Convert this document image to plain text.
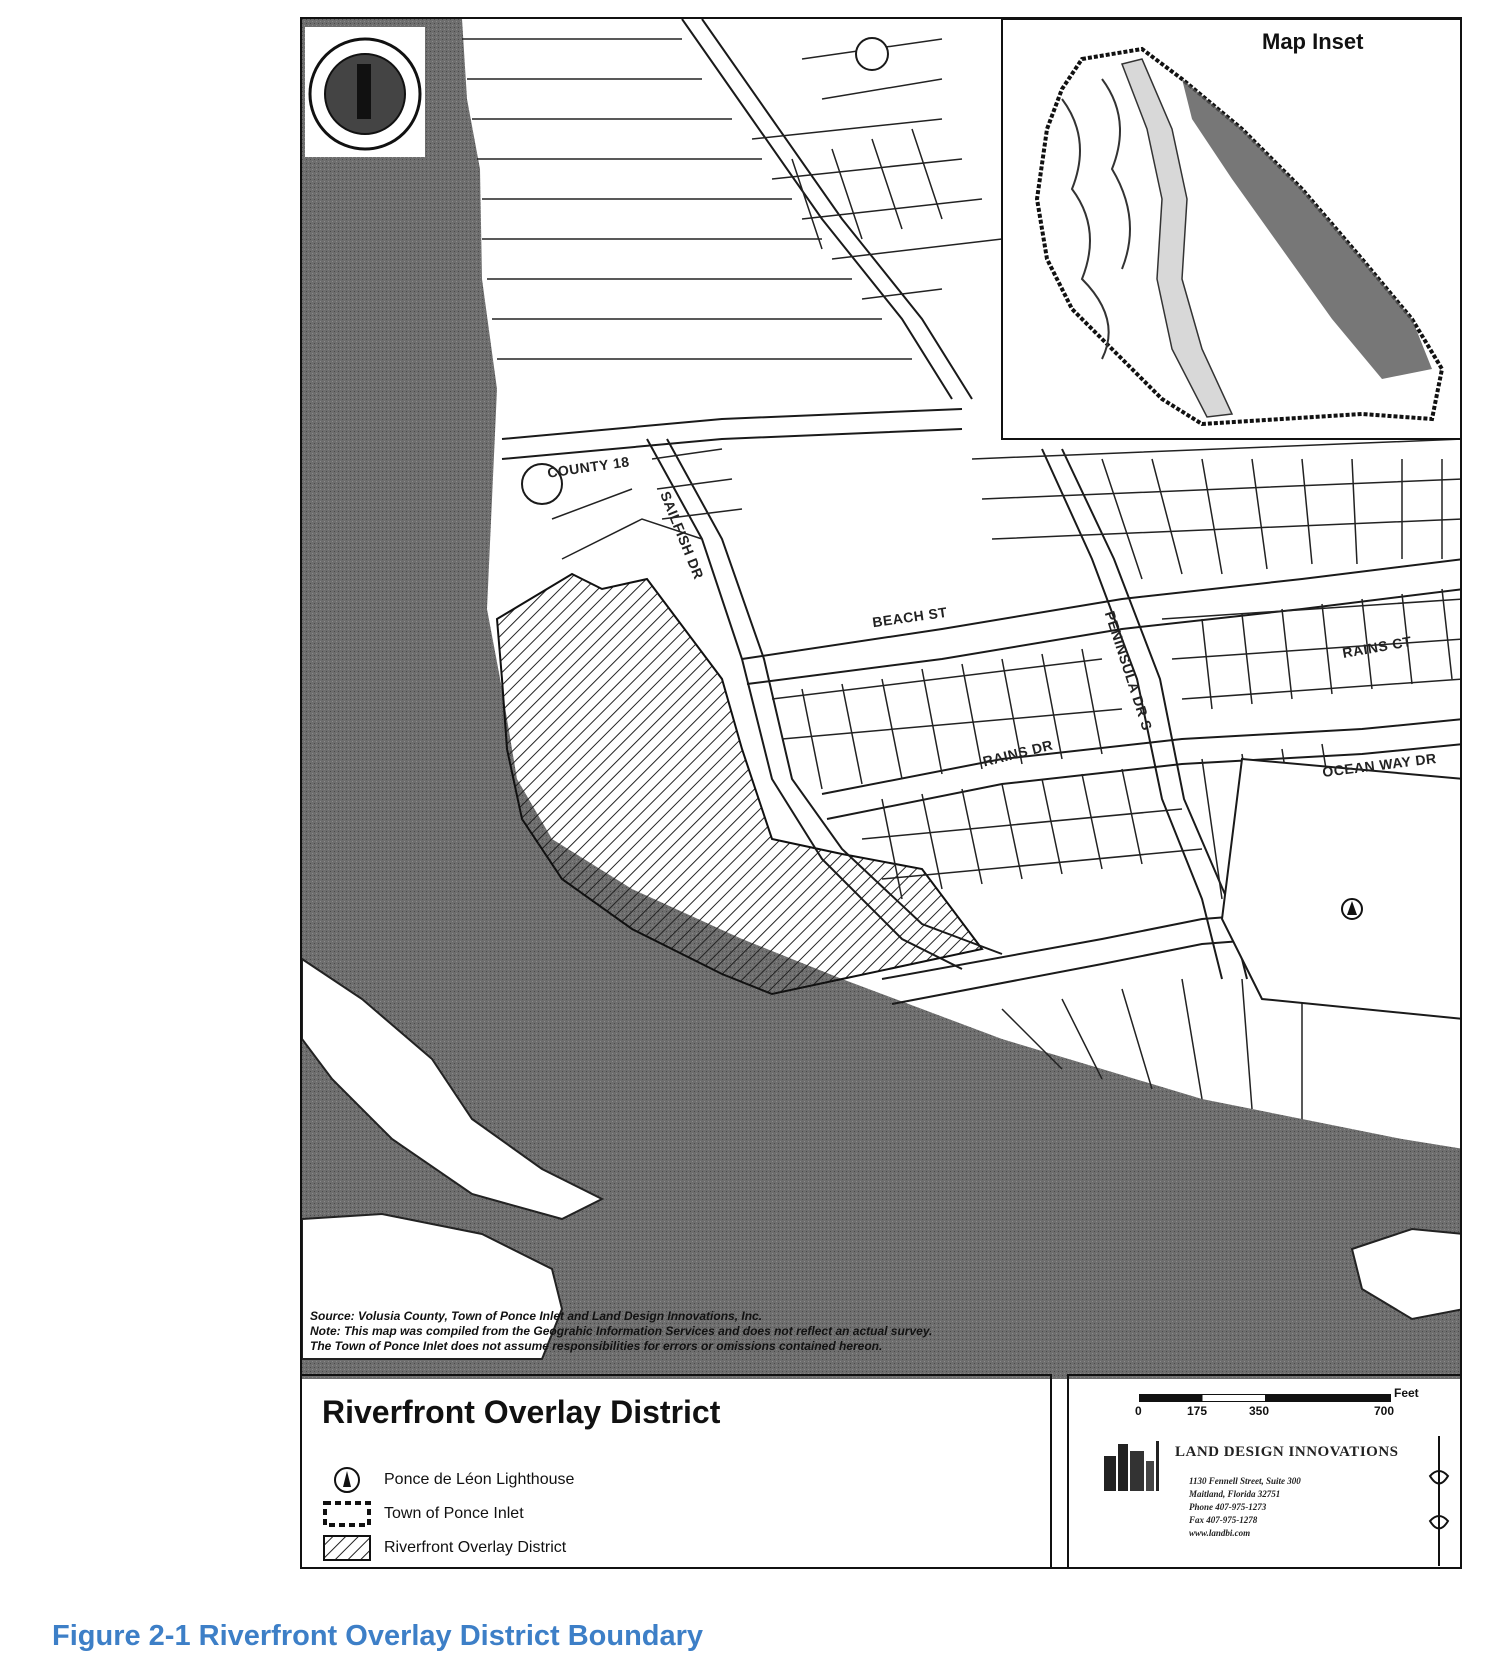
Map Inset
COUNTY 18
SAILFISH DR
BEACH ST	PENINSULA DR S	RAINS CT
RAINS DR	OCEAN WAY DR
Source: Volusia County, Town of Ponce Inlet and Land Design Innovations, Inc.
Note: This map was compiled from the Geograhic Information Services and does not reflect an actual survey.
The Town of Ponce Inlet does not assume responsibilities for errors or omissions contained hereon.
Riverfront Overlay District
Ponce de Léon Lighthouse
Town of Ponce Inlet
Riverfront Overlay District
Feet
0	175	350	700
LAND DESIGN INNOVATIONS
1130 Fennell Street, Suite 300
Maitland, Florida 32751
Phone 407-975-1273
Fax 407-975-1278
www.landbi.com
Figure 2-1 Riverfront Overlay District Boundary
